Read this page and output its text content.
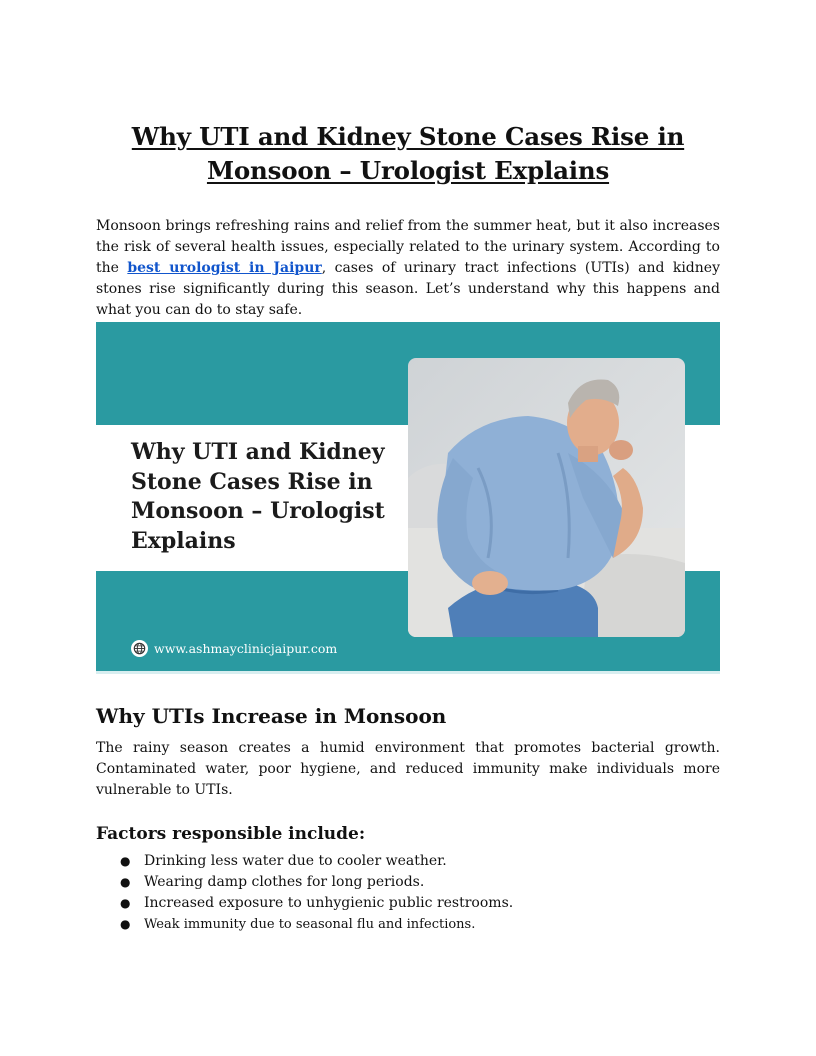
Why UTI and Kidney Stone Cases Rise in
Monsoon – Urologist Explains

Monsoon brings refreshing rains and relief from the summer heat, but it also increases the risk of several health issues, especially related to the urinary system. According to the best urologist in Jaipur, cases of urinary tract infections (UTIs) and kidney stones rise significantly during this season. Let’s understand why this happens and what you can do to stay safe.

Why UTI and Kidney
Stone Cases Rise in
Monsoon – Urologist
Explains
www.ashmayclinicjaipur.com
Why UTIs Increase in Monsoon

The rainy season creates a humid environment that promotes bacterial growth. Contaminated water, poor hygiene, and reduced immunity make individuals more vulnerable to UTIs.

Factors responsible include:
● Drinking less water due to cooler weather.
● Wearing damp clothes for long periods.
● Increased exposure to unhygienic public restrooms.
● Weak immunity due to seasonal flu and infections.
